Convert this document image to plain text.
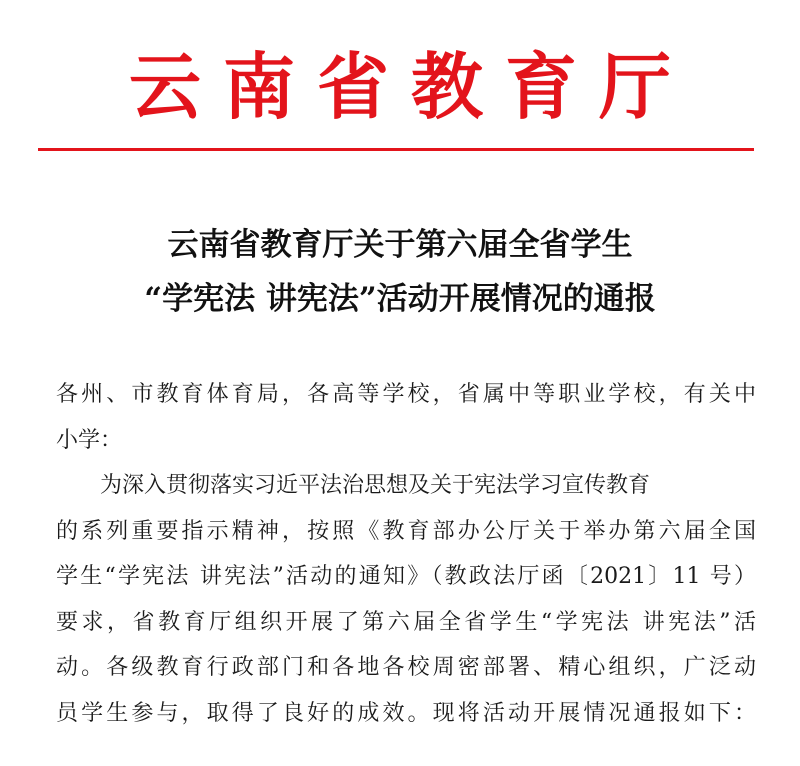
云南省教育厅
云南省教育厅关于第六届全省学生
“学宪法 讲宪法”活动开展情况的通报
各州、市教育体育局，各高等学校，省属中等职业学校，有关中
小学：
为深入贯彻落实习近平法治思想及关于宪法学习宣传教育
的系列重要指示精神，按照《教育部办公厅关于举办第六届全国
学生“学宪法 讲宪法”活动的通知》（教政法厅函〔2021〕11 号）
要求，省教育厅组织开展了第六届全省学生“学宪法 讲宪法”活
动。各级教育行政部门和各地各校周密部署、精心组织，广泛动
员学生参与，取得了良好的成效。现将活动开展情况通报如下：
